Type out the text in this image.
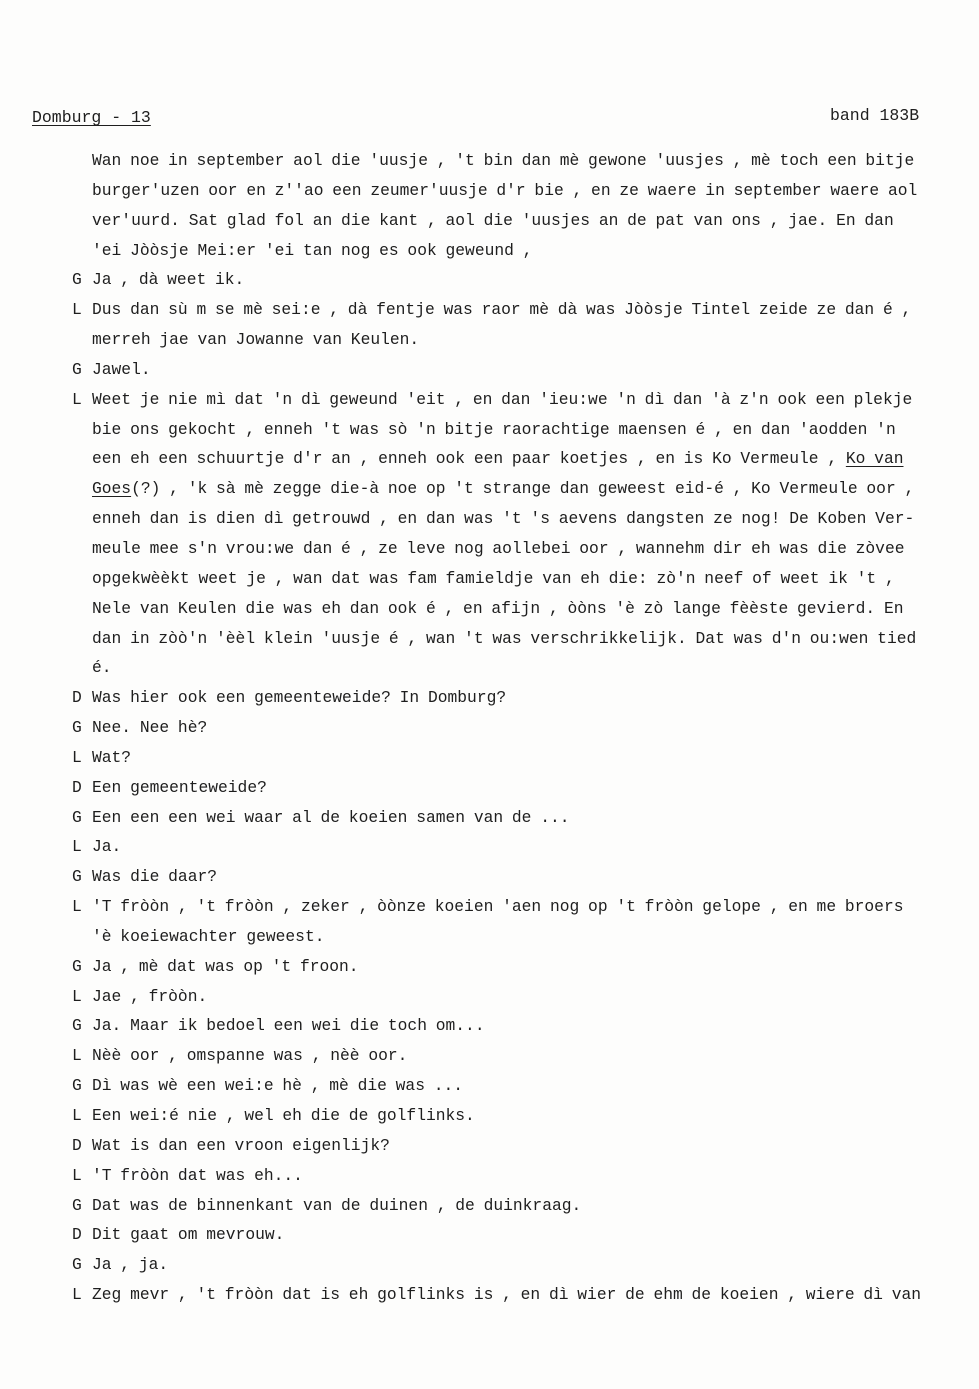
Domburg - 13	band 183B
Wan noe in september aol die 'uusje , 't bin dan mè gewone 'uusjes , mè toch een bitje
burger'uzen oor en z''ao een zeumer'uusje d'r bie , en ze waere in september waere aol
ver'uurd. Sat glad fol an die kant , aol die 'uusjes an de pat van ons , jae. En dan
'ei Jòòsje Mei:er 'ei tan nog es ook geweund ,
G Ja , dà weet ik.
L Dus dan sù m se mè sei:e , dà fentje was raor mè dà was Jòòsje Tintel zeide ze dan é ,
merreh jae van Jowanne van Keulen.
G Jawel.
L Weet je nie mì dat 'n dì geweund 'eit , en dan 'ieu:we 'n dì dan 'à z'n ook een plekje
bie ons gekocht , enneh 't was sò 'n bitje raorachtige maensen é , en dan 'aodden 'n
een eh een schuurtje d'r an , enneh ook een paar koetjes , en is Ko Vermeule , Ko van
Goes(?) , 'k sà mè zegge die-à noe op 't strange dan geweest eid-é , Ko Vermeule oor ,
enneh dan is dien dì getrouwd , en dan was 't 's aevens dangsten ze nog! De Koben Ver-
meule mee s'n vrou:we dan é , ze leve nog aollebei oor , wannehm dir eh was die zòvee
opgekwèèkt weet je , wan dat was fam famieldje van eh die: zò'n neef of weet ik 't ,
Nele van Keulen die was eh dan ook é , en afijn , òòns 'è zò lange fèèste gevierd. En
dan in zòò'n 'èèl klein 'uusje é , wan 't was verschrikkelijk. Dat was d'n ou:wen tied
é.
D Was hier ook een gemeenteweide? In Domburg?
G Nee. Nee hè?
L Wat?
D Een gemeenteweide?
G Een een een wei waar al de koeien samen van de ...
L Ja.
G Was die daar?
L 'T fròòn , 't fròòn , zeker , òònze koeien 'aen nog op 't fròòn gelope , en me broers
'è koeiewachter geweest.
G Ja , mè dat was op 't froon.
L Jae , fròòn.
G Ja. Maar ik bedoel een wei die toch om...
L Nèè oor , omspanne was , nèè oor.
G Dì was wè een wei:e hè , mè die was ...
L Een wei:é nie , wel eh die de golflinks.
D Wat is dan een vroon eigenlijk?
L 'T fròòn dat was eh...
G Dat was de binnenkant van de duinen , de duinkraag.
D Dit gaat om mevrouw.
G Ja , ja.
L Zeg mevr , 't fròòn dat is eh golflinks is , en dì wier de ehm de koeien , wiere dì van
